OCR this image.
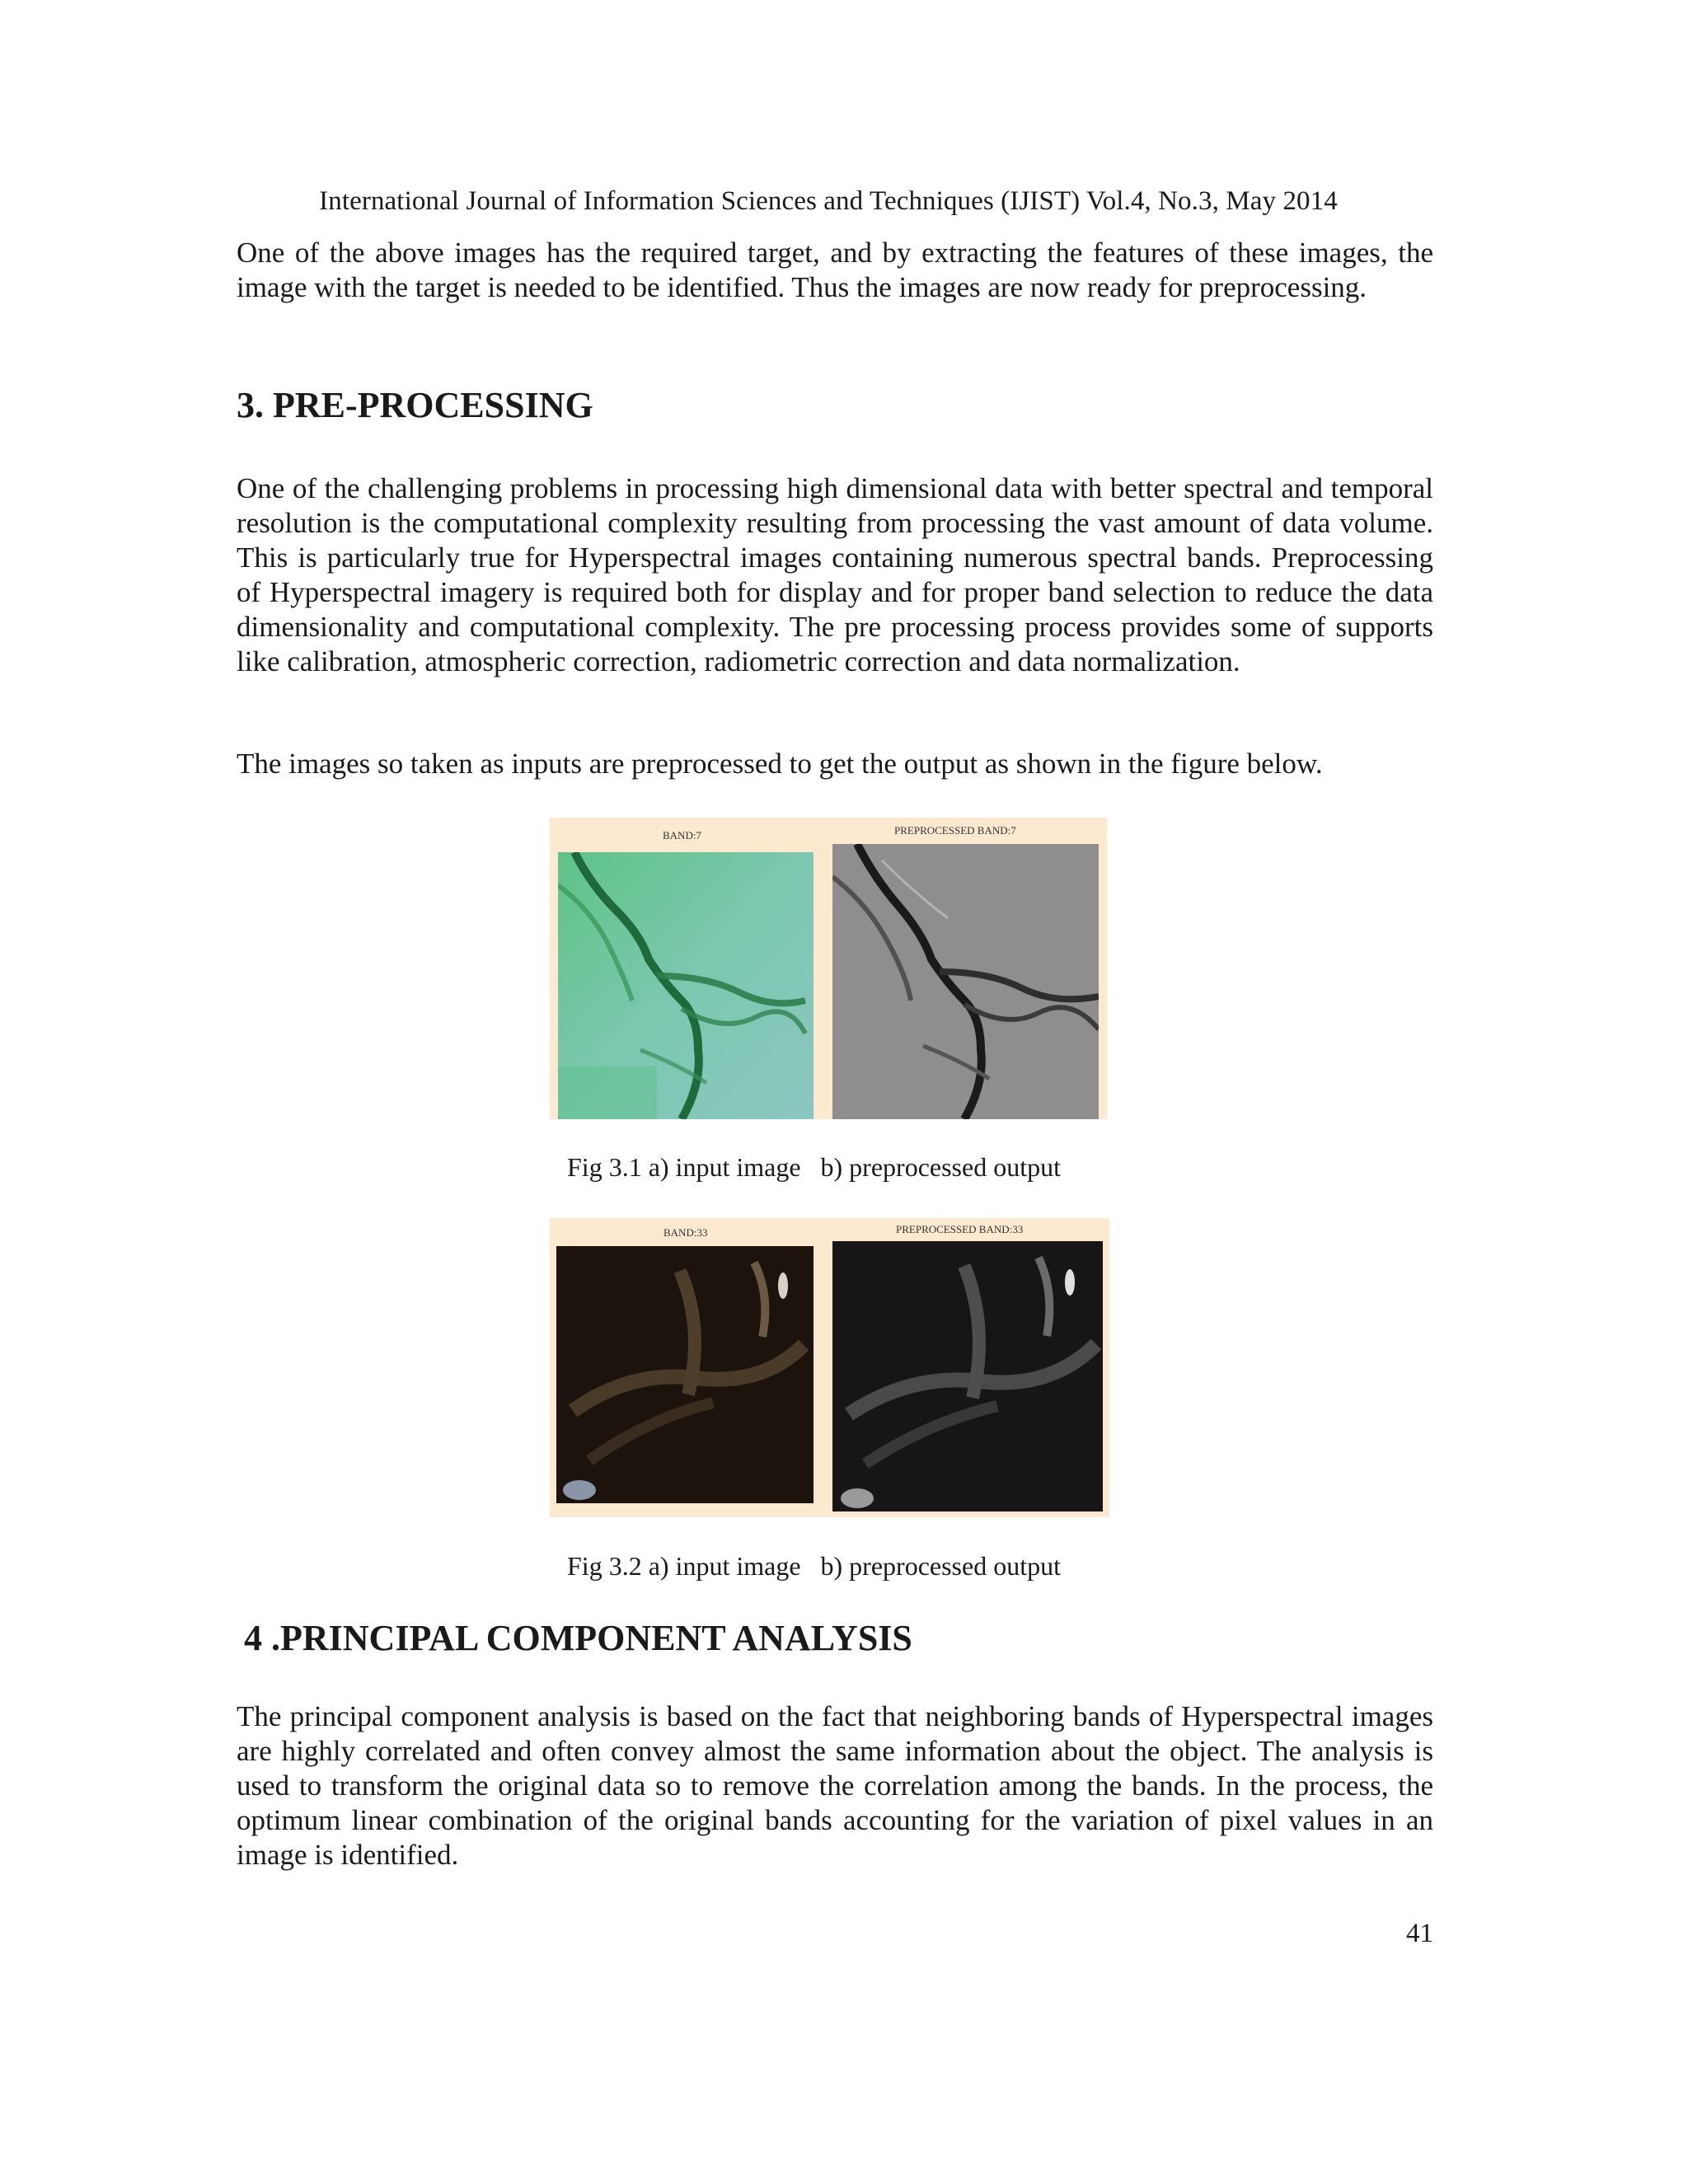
International Journal of Information Sciences and Techniques (IJIST) Vol.4, No.3, May 2014

One of the above images has the required target, and by extracting the features of these images, the image with the target is needed to be identified. Thus the images are now ready for preprocessing.

3. PRE-PROCESSING

One of the challenging problems in processing high dimensional data with better spectral and temporal resolution is the computational complexity resulting from processing the vast amount of data volume. This is particularly true for Hyperspectral images containing numerous spectral bands. Preprocessing of Hyperspectral imagery is required both for display and for proper band selection to reduce the data dimensionality and computational complexity. The pre processing process provides some of supports like calibration, atmospheric correction, radiometric correction and data normalization.

The images so taken as inputs are preprocessed to get the output as shown in the figure below.

BAND:7	PREPROCESSED BAND:7
Fig 3.1 a) input image b) preprocessed output
BAND:33	PREPROCESSED BAND:33
Fig 3.2 a) input image b) preprocessed output
4 .PRINCIPAL COMPONENT ANALYSIS

The principal component analysis is based on the fact that neighboring bands of Hyperspectral images are highly correlated and often convey almost the same information about the object. The analysis is used to transform the original data so to remove the correlation among the bands. In the process, the optimum linear combination of the original bands accounting for the variation of pixel values in an image is identified.

41
